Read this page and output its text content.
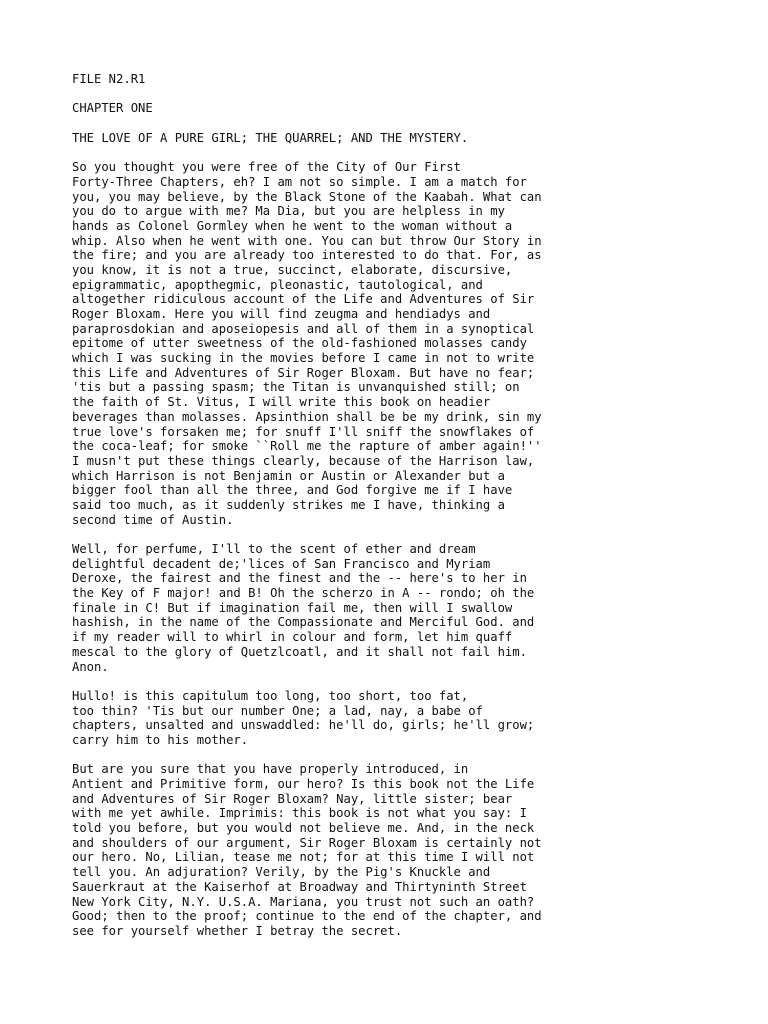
FILE N2.R1
CHAPTER ONE
THE LOVE OF A PURE GIRL; THE QUARREL; AND THE MYSTERY.
So you thought you were free of the City of Our First
Forty-Three Chapters, eh? I am not so simple. I am a match for
you, you may believe, by the Black Stone of the Kaabah. What can
you do to argue with me? Ma Dia, but you are helpless in my
hands as Colonel Gormley when he went to the woman without a
whip. Also when he went with one. You can but throw Our Story in
the fire; and you are already too interested to do that. For, as
you know, it is not a true, succinct, elaborate, discursive,
epigrammatic, apopthegmic, pleonastic, tautological, and
altogether ridiculous account of the Life and Adventures of Sir
Roger Bloxam. Here you will find zeugma and hendiadys and
paraprosdokian and aposeiopesis and all of them in a synoptical
epitome of utter sweetness of the old-fashioned molasses candy
which I was sucking in the movies before I came in not to write
this Life and Adventures of Sir Roger Bloxam. But have no fear;
'tis but a passing spasm; the Titan is unvanquished still; on
the faith of St. Vitus, I will write this book on headier
beverages than molasses. Apsinthion shall be be my drink, sin my
true love's forsaken me; for snuff I'll sniff the snowflakes of
the coca-leaf; for smoke ``Roll me the rapture of amber again!''
I musn't put these things clearly, because of the Harrison law,
which Harrison is not Benjamin or Austin or Alexander but a
bigger fool than all the three, and God forgive me if I have
said too much, as it suddenly strikes me I have, thinking a
second time of Austin.
Well, for perfume, I'll to the scent of ether and dream
delightful decadent de;'lices of San Francisco and Myriam
Deroxe, the fairest and the finest and the -- here's to her in
the Key of F major! and B! Oh the scherzo in A -- rondo; oh the
finale in C! But if imagination fail me, then will I swallow
hashish, in the name of the Compassionate and Merciful God. and
if my reader will to whirl in colour and form, let him quaff
mescal to the glory of Quetzlcoatl, and it shall not fail him.
Anon.
Hullo! is this capitulum too long, too short, too fat,
too thin? 'Tis but our number One; a lad, nay, a babe of
chapters, unsalted and unswaddled: he'll do, girls; he'll grow;
carry him to his mother.
But are you sure that you have properly introduced, in
Antient and Primitive form, our hero? Is this book not the Life
and Adventures of Sir Roger Bloxam? Nay, little sister; bear
with me yet awhile. Imprimis: this book is not what you say: I
told you before, but you would not believe me. And, in the neck
and shoulders of our argument, Sir Roger Bloxam is certainly not
our hero. No, Lilian, tease me not; for at this time I will not
tell you. An adjuration? Verily, by the Pig's Knuckle and
Sauerkraut at the Kaiserhof at Broadway and Thirtyninth Street
New York City, N.Y. U.S.A. Mariana, you trust not such an oath?
Good; then to the proof; continue to the end of the chapter, and
see for yourself whether I betray the secret.
